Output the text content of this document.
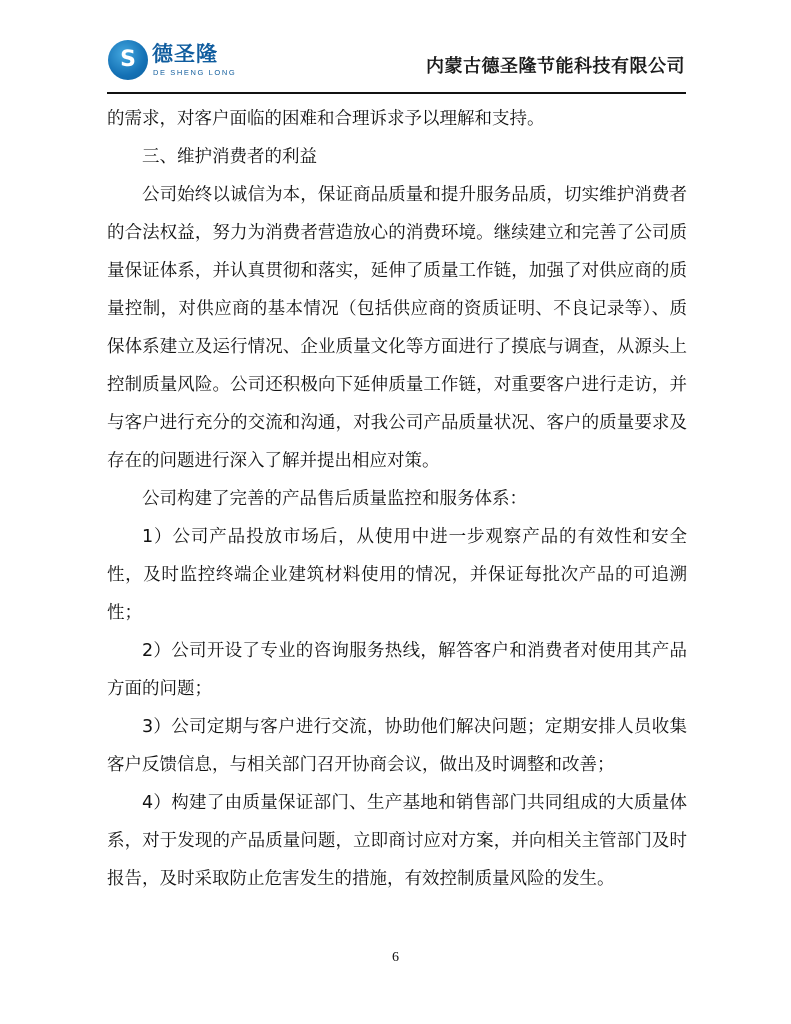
S 德圣隆
DE SHENG LONG	内蒙古德圣隆节能科技有限公司

的需求，对客户面临的困难和合理诉求予以理解和支持。

三、维护消费者的利益

公司始终以诚信为本，保证商品质量和提升服务品质，切实维护消费者的合法权益，努力为消费者营造放心的消费环境。继续建立和完善了公司质量保证体系，并认真贯彻和落实，延伸了质量工作链，加强了对供应商的质量控制，对供应商的基本情况（包括供应商的资质证明、不良记录等）、质保体系建立及运行情况、企业质量文化等方面进行了摸底与调查，从源头上控制质量风险。公司还积极向下延伸质量工作链，对重要客户进行走访，并与客户进行充分的交流和沟通，对我公司产品质量状况、客户的质量要求及存在的问题进行深入了解并提出相应对策。

公司构建了完善的产品售后质量监控和服务体系：

1）公司产品投放市场后，从使用中进一步观察产品的有效性和安全性，及时监控终端企业建筑材料使用的情况，并保证每批次产品的可追溯性；

2）公司开设了专业的咨询服务热线，解答客户和消费者对使用其产品方面的问题；

3）公司定期与客户进行交流，协助他们解决问题；定期安排人员收集客户反馈信息，与相关部门召开协商会议，做出及时调整和改善；

4）构建了由质量保证部门、生产基地和销售部门共同组成的大质量体系，对于发现的产品质量问题，立即商讨应对方案，并向相关主管部门及时报告，及时采取防止危害发生的措施，有效控制质量风险的发生。

6
